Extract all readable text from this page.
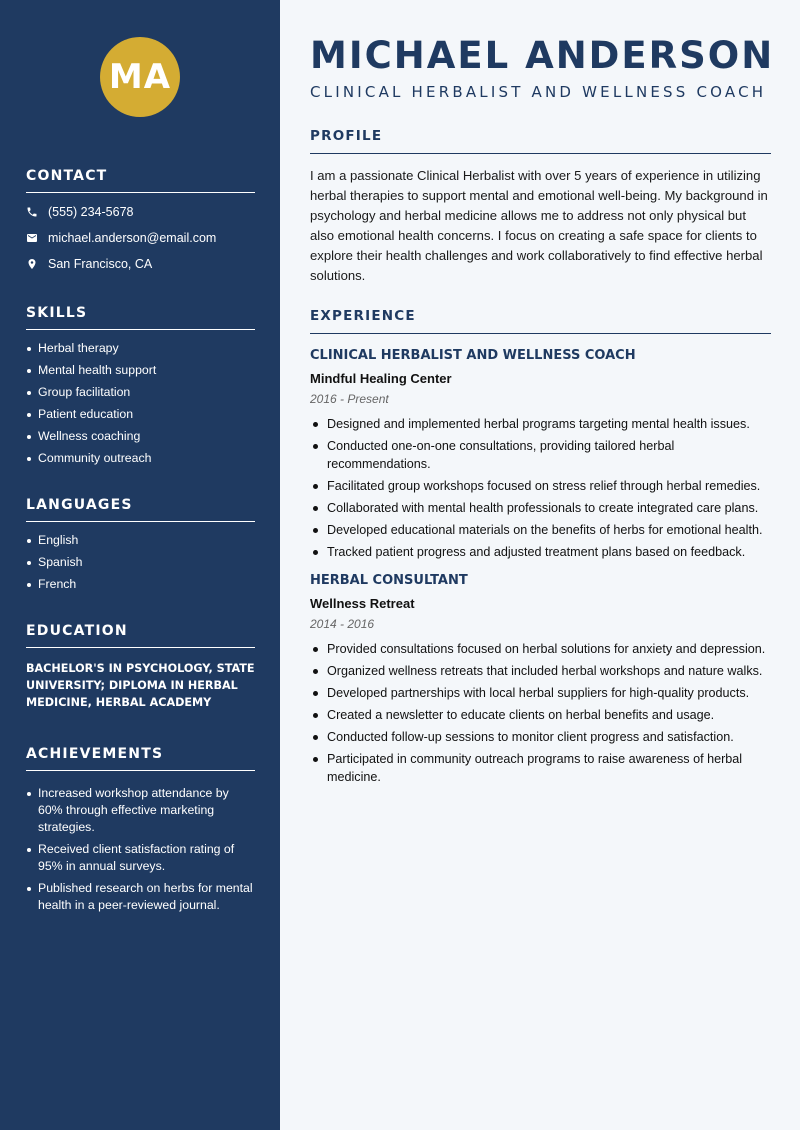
MA
CONTACT
(555) 234-5678
michael.anderson@email.com
San Francisco, CA
SKILLS
Herbal therapy
Mental health support
Group facilitation
Patient education
Wellness coaching
Community outreach
LANGUAGES
English
Spanish
French
EDUCATION
BACHELOR'S IN PSYCHOLOGY, STATE UNIVERSITY; DIPLOMA IN HERBAL MEDICINE, HERBAL ACADEMY
ACHIEVEMENTS
Increased workshop attendance by 60% through effective marketing strategies.
Received client satisfaction rating of 95% in annual surveys.
Published research on herbs for mental health in a peer-reviewed journal.
MICHAEL ANDERSON
CLINICAL HERBALIST AND WELLNESS COACH
PROFILE

I am a passionate Clinical Herbalist with over 5 years of experience in utilizing herbal therapies to support mental and emotional well-being. My background in psychology and herbal medicine allows me to address not only physical but also emotional health concerns. I focus on creating a safe space for clients to explore their health challenges and work collaboratively to find effective herbal solutions.

EXPERIENCE
CLINICAL HERBALIST AND WELLNESS COACH
Mindful Healing Center
2016 - Present
Designed and implemented herbal programs targeting mental health issues.
Conducted one-on-one consultations, providing tailored herbal recommendations.
Facilitated group workshops focused on stress relief through herbal remedies.
Collaborated with mental health professionals to create integrated care plans.
Developed educational materials on the benefits of herbs for emotional health.
Tracked patient progress and adjusted treatment plans based on feedback.
HERBAL CONSULTANT
Wellness Retreat
2014 - 2016
Provided consultations focused on herbal solutions for anxiety and depression.
Organized wellness retreats that included herbal workshops and nature walks.
Developed partnerships with local herbal suppliers for high-quality products.
Created a newsletter to educate clients on herbal benefits and usage.
Conducted follow-up sessions to monitor client progress and satisfaction.
Participated in community outreach programs to raise awareness of herbal medicine.
